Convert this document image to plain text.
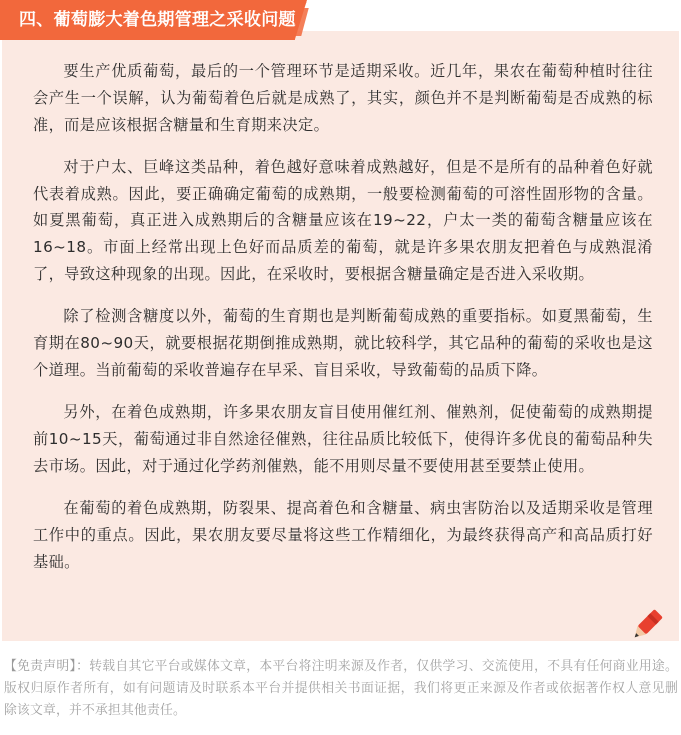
四、葡萄膨大着色期管理之采收问题

要生产优质葡萄，最后的一个管理环节是适期采收。近几年，果农在葡萄种植时往往会产生一个误解，认为葡萄着色后就是成熟了，其实，颜色并不是判断葡萄是否成熟的标准，而是应该根据含糖量和生育期来决定。

对于户太、巨峰这类品种，着色越好意味着成熟越好，但是不是所有的品种着色好就代表着成熟。因此，要正确确定葡萄的成熟期，一般要检测葡萄的可溶性固形物的含量。如夏黑葡萄，真正进入成熟期后的含糖量应该在19~22，户太一类的葡萄含糖量应该在16~18。市面上经常出现上色好而品质差的葡萄，就是许多果农朋友把着色与成熟混淆了，导致这种现象的出现。因此，在采收时，要根据含糖量确定是否进入采收期。

除了检测含糖度以外，葡萄的生育期也是判断葡萄成熟的重要指标。如夏黑葡萄，生育期在80~90天，就要根据花期倒推成熟期，就比较科学，其它品种的葡萄的采收也是这个道理。当前葡萄的采收普遍存在早采、盲目采收，导致葡萄的品质下降。

另外，在着色成熟期，许多果农朋友盲目使用催红剂、催熟剂，促使葡萄的成熟期提前10~15天，葡萄通过非自然途径催熟，往往品质比较低下，使得许多优良的葡萄品种失去市场。因此，对于通过化学药剂催熟，能不用则尽量不要使用甚至要禁止使用。

在葡萄的着色成熟期，防裂果、提高着色和含糖量、病虫害防治以及适期采收是管理工作中的重点。因此，果农朋友要尽量将这些工作精细化，为最终获得高产和高品质打好基础。

【免责声明】：转载自其它平台或媒体文章，本平台将注明来源及作者，仅供学习、交流使用，不具有任何商业用途。版权归原作者所有，如有问题请及时联系本平台并提供相关书面证据，我们将更正来源及作者或依据著作权人意见删除该文章，并不承担其他责任。
